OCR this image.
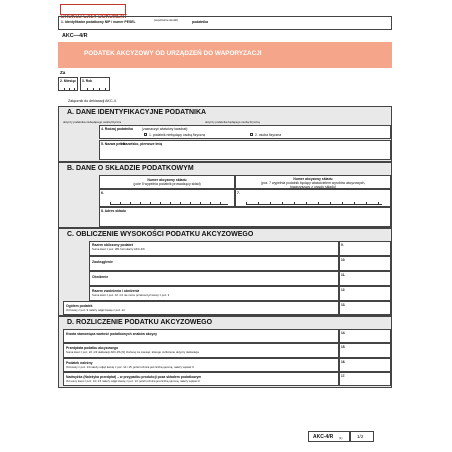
DRUKUJ CAŁY DOKUMENT
1. Identyfikator podatkowy NIP / numer PESEL	(niepotrzebne skreślić)	podatnika
AKC—4/R
PODATEK AKCYZOWY OD URZĄDZEŃ DO WAPORYZACJI
Za
2. Miesiąc 3. Rok
Załącznik do deklaracji AKC-4.
A. DANE IDENTYFIKACYJNE PODATNIKA
dotyczy podatnika niebędącego osobą fizyczną	dotyczy podatnika będącego osobą fizyczną
4. Rodzaj podatnika	(zaznaczyć właściwy kwadrat):
1. podatnik niebędący osobą fizyczną	2. osoba fizyczna
5. Nazwa pełna
/ Nazwisko, pierwsze imię
B. DANE O SKŁADZIE PODATKOWYM
Numer akcyzowy składu
(pole 5 wypełnia podatnik prowadzący skład)
Numer akcyzowy składu
(poz. 7 wypełnia podatnik będący właścicielem wyrobów akcyzowych,
towarzyszący z urzędu składu)
6.	7.
8. Adres składu
C. OBLICZENIE WYSOKOŚCI PODATKU AKCYZOWEGO
Razem obliczony podatek
Suma kwot z poz. 281 formularzy AKC-4/K
9.
Zaokrąglenie	10.
Obniżenie	11.
Razem zwolnienia i obniżenia
Suma kwot z poz. 10 i 11 nie może przekroczyć kwoty z poz. 9
12.
Ogółem podatek
Od kwoty z poz. 9 należy odjąć kwotę z poz. 12
13.
D. ROZLICZENIE PODATKU AKCYZOWEGO
Kwota stanowiąca wartość podatkowych znaków akcyzy	14.
Przedpłata podatku akcyzowego
Suma kwot z poz. 22 i 23 deklaracji AKC-PA (N) złożonej za miesiąc, którego rozliczenie dotyczy deklaracja
15.
Podatek należny
Od kwoty z poz. 13 należy odjąć kwotę z poz. 14 i 15; jeżeli różnica jest liczbą ujemną, należy wpisać 0.
16.
Nadwyżka (Należyka przedpłat) – w przypadku produkcji poza składem podatkowym
Od sumy kwot z poz. 14 i 15 należy odjąć kwotę z poz. 13; jeżeli różnica jest liczbą ujemną, należy wpisać 0.
17.
AKC-4/R (1)	1/2
